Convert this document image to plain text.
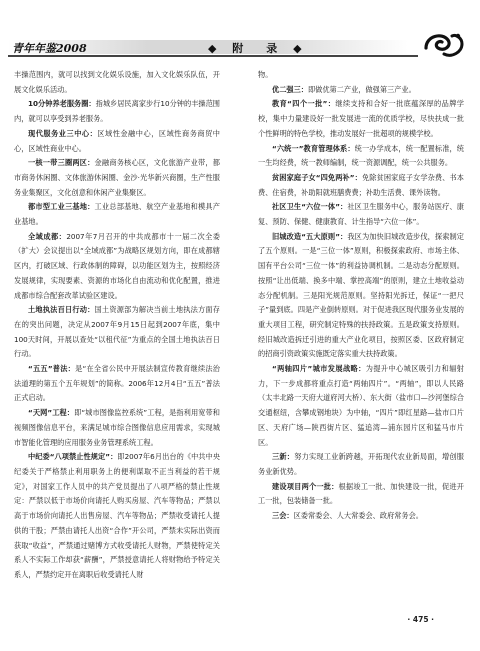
青年年鉴2008	◆ 附　录 ◆

丰操范围内，就可以找到文化娱乐设施，加入文化娱乐队伍，开展文化娱乐活动。

10分钟养老服务圈：指城乡居民离家步行10分钟的丰操范围内，就可以享受到养老服务。

现代服务业三中心：区域性金融中心，区域性商务商贸中心，区域性商业中心。

一核一带三圈两区：金融商务核心区，文化旅游产业带，都市商务休闲圈、文体旅游休闲圈、金沙·光华新兴商圈，生产性服务业集聚区，文化创意和休闲产业集聚区。

都市型工业三基地：工业总部基地、航空产业基地和模具产业基地。

全域成都：2007年7月召开的中共成都市十一届二次全委（扩大）会议提出以“全域成都”为战略区规划方向，即在成都辖区内，打破区域、行政体制的障碍，以功能区划为主，按照经济发展规律，实现要素、资源的市场化自由流动和优化配置，推进成都市综合配套改革试验区建设。

土地执法百日行动：国土资源部为解决当前土地执法方面存在的突出问题，决定从2007年9月15日起到2007年底，集中100天时间，开展以查处“以租代征”为重点的全国土地执法百日行动。

“五五”普法：是“在全省公民中开展法制宣传教育继续法治法道理的第五个五年规划”的简称。2006年12月4日“五五”普法正式启动。

“天网”工程：即“城市图像监控系统”工程，是指利用宽带和视频图像信息平台，来满足城市综合图像信息应用需求，实现城市智能化管理的应用服务业务管理系统工程。

中纪委“八项禁止性规定”：即2007年6月出台的《中共中央纪委关于严格禁止利用职务上的便利谋取不正当利益的若干规定》，对国家工作人员中的共产党员提出了八项严格的禁止性规定：严禁以低于市场价向请托人购买房屋、汽车等物品；严禁以高于市场价向请托人出售房屋、汽车等物品；严禁收受请托人提供的干股；严禁由请托人出资“合作”开公司，严禁未实际出资而获取“收益”，严禁通过赌博方式收受请托人财物，严禁使特定关系人不实际工作却获“薪酬”，严禁授意请托人将财物给予特定关系人，严禁约定开在离职后收受请托人财

物。

优二强三：即做优第二产业，做强第三产业。

教育“四个一批”：继续支持和合好一批底蕴深厚的品牌学校，集中力量建设好一批发展进一流的优质学校，尽快扶成一批个性鲜明的特色学校，推动发展好一批超项的规模学校。

“六统一”教育管理体系：统一办学成本，统一配置标准，统一生均经费，统一教师编制，统一资源调配，统一公共服务。

贫困家庭子女“四免两补”：免除贫困家庭子女学杂费、书本费、住宿费，补助阳就班膳费费；补助生活费、课外读物。

社区卫生“六位一体”：社区卫生服务中心，服务站医疗、康复、预防、保健、健康教育、计生指导“六位一体”。

旧城改造“五大原则”：我区为加快旧城改造步伐，探索制定了五个原则。一是“三位一体”原则，积极探索政府、市场主体、国有平台公司“三位一体”的利益协调机制。二是动态分配原则。按照“让出低端、换多中端、掌控高端”的原则，建立土地收益动态分配机制。三是阳光规范原则。坚持阳光拆迁，保证“一把尺子”量到底。四是产业倒转原则。对于促进我区现代服务业发展的重大项目工程，研究制定特殊的扶持政策。五是政策支持原则。经旧城改造拆迁引进的重大产业化项目，按照区委、区政府制定的招商引资政策实施既定落实重大扶持政策。

“两轴四片”城市发展战略：为提升中心城区吸引力和辐射力，下一步成都将重点打造“两轴四片”。“两轴”，即以人民路（太丰北路一天府大道府河大桥）、东大街（盐市口—沙河堡综合交通枢纽，含攀成钢地块）为中轴，“四片”即红星路—盐市口片区、天府广场—陕西街片区、猛追湾—浦东园片区和猛马市片区。

三新：努力实现工业新跨越，开拓现代农业新局面，增创服务业新优势。

建设项目两个一批：根据竣工一批、加快建设一批，促进开工一批，包装储备一批。

三会：区委常委会、人大常委会、政府常务会。

· 475 ·
